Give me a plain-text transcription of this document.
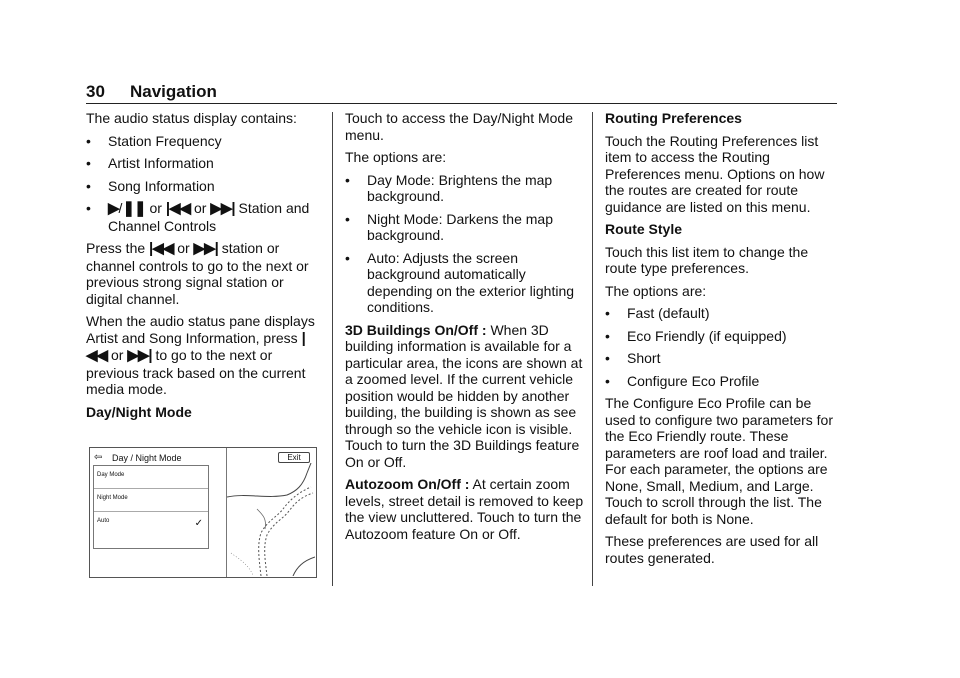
30 Navigation

The audio status display contains:

•	Station Frequency
•	Artist Information
•	Song Information
•	▶/❚❚ or |◀◀ or ▶▶| Station and Channel Controls

Press the |◀◀ or ▶▶| station or channel controls to go to the next or previous strong signal station or digital channel.

When the audio status pane displays Artist and Song Information, press |◀◀ or ▶▶| to go to the next or previous track based on the current media mode.

Day/Night Mode

⇦ Day / Night Mode	Exit
Day Mode
Night Mode
Auto	✓

Touch to access the Day/Night Mode menu.

The options are:

•	Day Mode: Brightens the map background.
•	Night Mode: Darkens the map background.
•	Auto: Adjusts the screen background automatically depending on the exterior lighting conditions.

3D Buildings On/Off : When 3D building information is available for a particular area, the icons are shown at a zoomed level. If the current vehicle position would be hidden by another building, the building is shown as see through so the vehicle icon is visible. Touch to turn the 3D Buildings feature On or Off.

Autozoom On/Off : At certain zoom levels, street detail is removed to keep the view uncluttered. Touch to turn the Autozoom feature On or Off.

Routing Preferences

Touch the Routing Preferences list item to access the Routing Preferences menu. Options on how the routes are created for route guidance are listed on this menu.

Route Style

Touch this list item to change the route type preferences.

The options are:

•	Fast (default)
•	Eco Friendly (if equipped)
•	Short
•	Configure Eco Profile

The Configure Eco Profile can be used to configure two parameters for the Eco Friendly route. These parameters are roof load and trailer. For each parameter, the options are None, Small, Medium, and Large. Touch to scroll through the list. The default for both is None.

These preferences are used for all routes generated.
